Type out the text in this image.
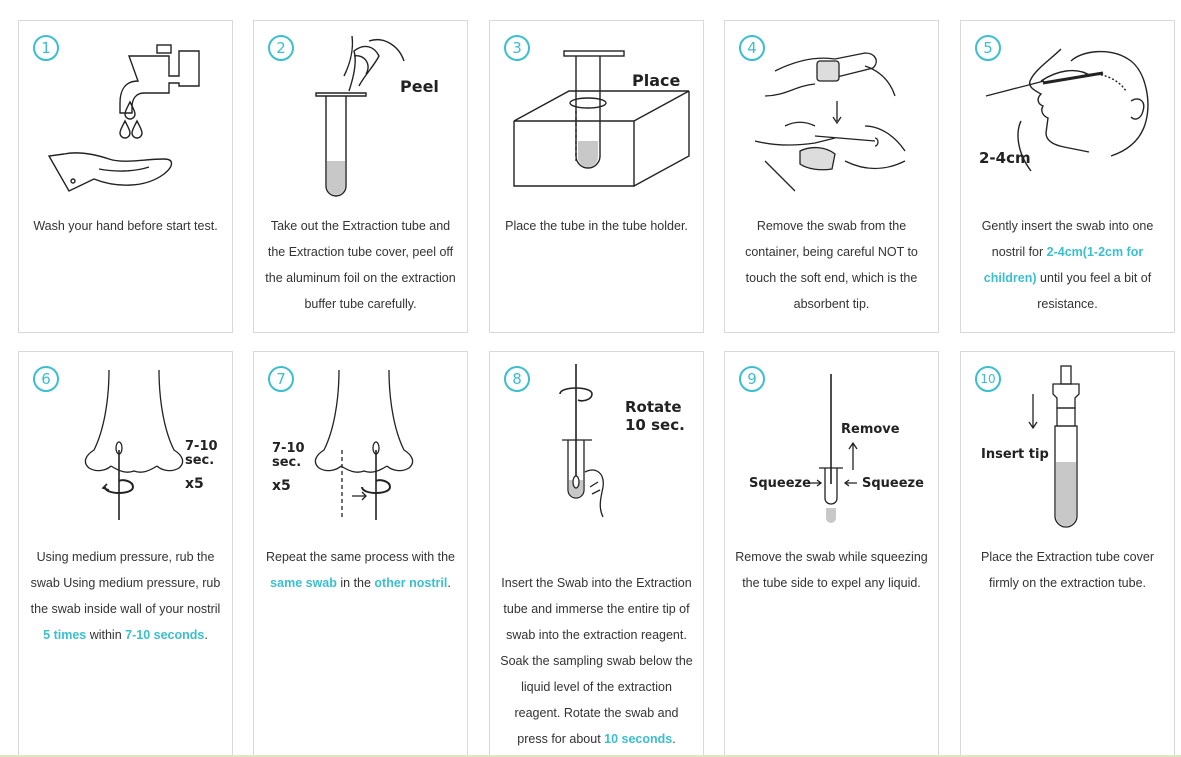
1
Wash your hand before start test.
2
Peel
Take out the Extraction tube and the Extraction tube cover, peel off the aluminum foil on the extraction buffer tube carefully.
3
Place
Place the tube in the tube holder.
4
Remove the swab from the container, being careful NOT to touch the soft end, which is the absorbent tip.
5
2-4cm
Gently insert the swab into one nostril for 2-4cm(1-2cm for children) until you feel a bit of resistance.
6
7-10
sec.
x5
Using medium pressure, rub the swab Using medium pressure, rub the swab inside wall of your nostril 5 times within 7-10 seconds.
7
7-10
sec.
x5
Repeat the same process with the same swab in the other nostril.
8
Rotate
10 sec.

Insert the Swab into the Extraction tube and immerse the entire tip of swab into the extraction reagent.
Soak the sampling swab below the liquid level of the extraction reagent. Rotate the swab and press for about 10 seconds.

9
Remove
Squeeze	Squeeze
Remove the swab while squeezing the tube side to expel any liquid.
10
Insert tip
Place the Extraction tube cover firmly on the extraction tube.
